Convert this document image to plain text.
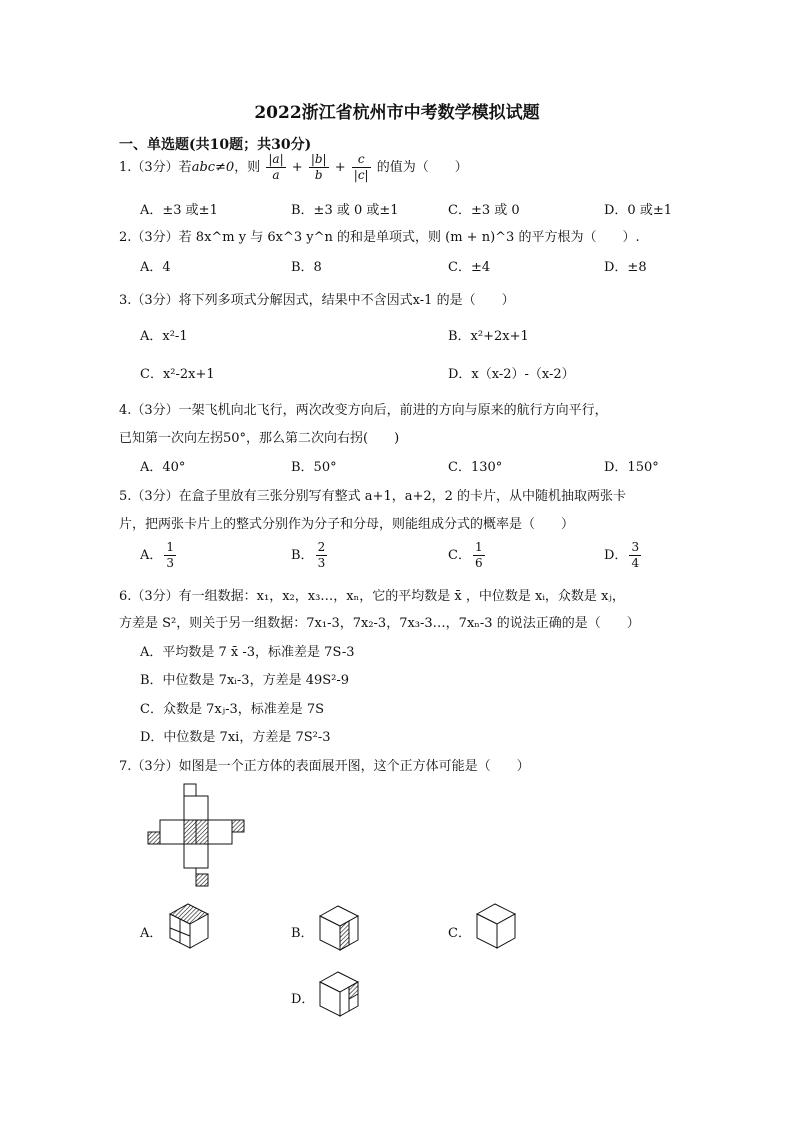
2022浙江省杭州市中考数学模拟试题
一、单选题(共10题；共30分)
1.（3分）若abc≠0，则 $\frac{|a|}{a} + \frac{|b|}{b} + \frac{c}{|c|}$ 的值为（　　）
A．±3 或±1	B．±3 或 0 或±1	C．±3 或 0	D．0 或±1
2.（3分）若 8x^m y 与 6x^3 y^n 的和是单项式，则 (m + n)^3 的平方根为（　　）.
A．4	B．8	C．±4	D．±8
3.（3分）将下列多项式分解因式，结果中不含因式x-1 的是（　　）
A．x²-1	B．x²+2x+1
C．x²-2x+1	D．x（x-2）-（x-2）
4.（3分）一架飞机向北飞行，两次改变方向后，前进的方向与原来的航行方向平行，
已知第一次向左拐50°，那么第二次向右拐(　　)
A．40°	B．50°	C．130°	D．150°
5.（3分）在盒子里放有三张分别写有整式 a+1，a+2，2 的卡片，从中随机抽取两张卡
片，把两张卡片上的整式分别作为分子和分母，则能组成分式的概率是（　　）
A． $\frac{1}{3}$	B． $\frac{2}{3}$	C． $\frac{1}{6}$	D． $\frac{3}{4}$
6.（3分）有一组数据：x₁，x₂，x₃…，xₙ，它的平均数是 x̄ ，中位数是 xᵢ，众数是 xⱼ，
方差是 S²，则关于另一组数据：7x₁-3，7x₂-3，7x₃-3…，7xₙ-3 的说法正确的是（　　）
A．平均数是 7 x̄ -3，标准差是 7S-3
B．中位数是 7xᵢ-3，方差是 49S²-9
C．众数是 7xⱼ-3，标准差是 7S
D．中位数是 7xi，方差是 7S²-3
7.（3分）如图是一个正方体的表面展开图，这个正方体可能是（　　）
A．	B．	C．
D．
